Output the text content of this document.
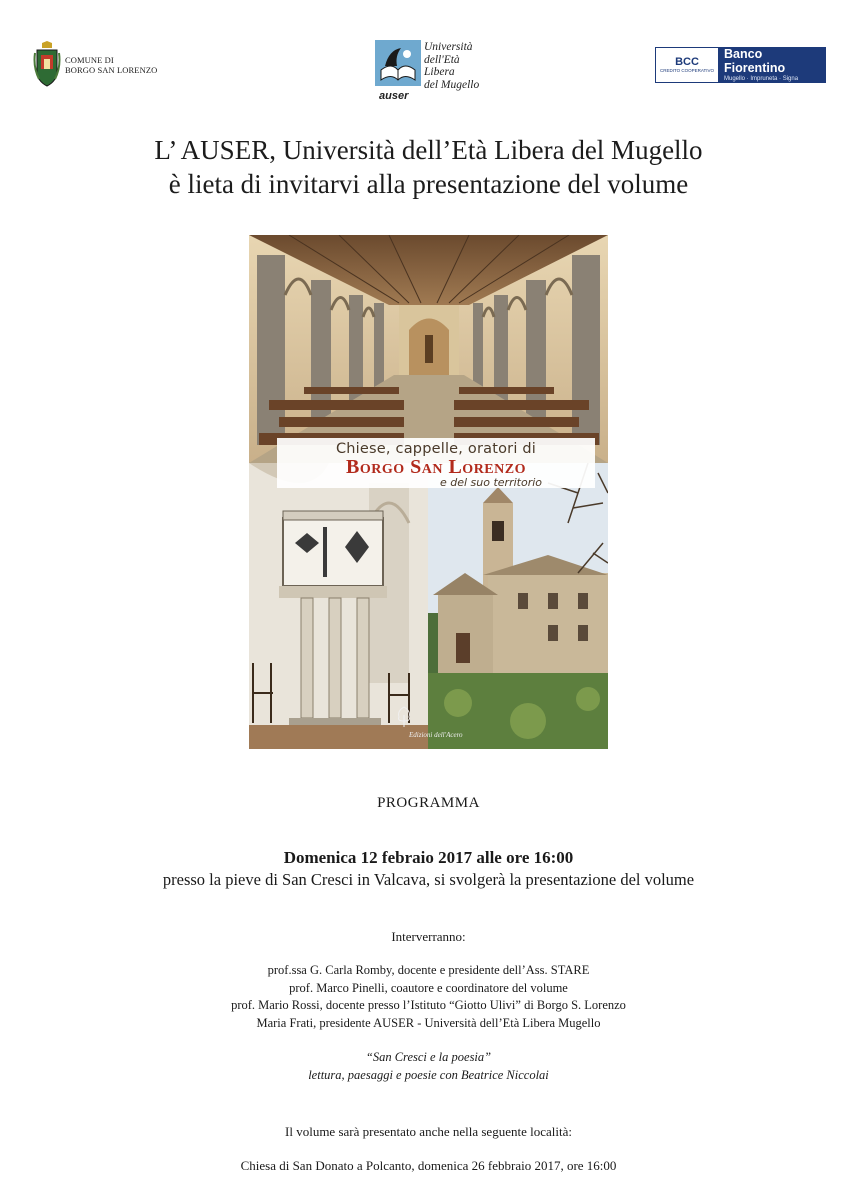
COMUNE DI
BORGO SAN LORENZO
Università
dell'Età Libera
del Mugello
auser
BCC
CREDITO COOPERATIVO
Banco Fiorentino
Mugello · Impruneta · Signa
L’ AUSER, Università dell’Età Libera del Mugello
è lieta di invitarvi alla presentazione del volume
Chiese, cappelle, oratori di
Borgo San Lorenzo
e del suo territorio
Edizioni dell'Acero
PROGRAMMA
Domenica 12 febraio 2017 alle ore 16:00
presso la pieve di San Cresci in Valcava, si svolgerà la presentazione del volume
Interverranno:
prof.ssa G. Carla Romby, docente e presidente dell’Ass. STARE
prof. Marco Pinelli, coautore e coordinatore del volume
prof. Mario Rossi, docente presso l’Istituto “Giotto Ulivi” di Borgo S. Lorenzo
Maria Frati, presidente AUSER - Università dell’Età Libera Mugello
“San Cresci e la poesia”
lettura, paesaggi e poesie con Beatrice Niccolai
Il volume sarà presentato anche nella seguente località:
Chiesa di San Donato a Polcanto, domenica 26 febbraio 2017, ore 16:00
